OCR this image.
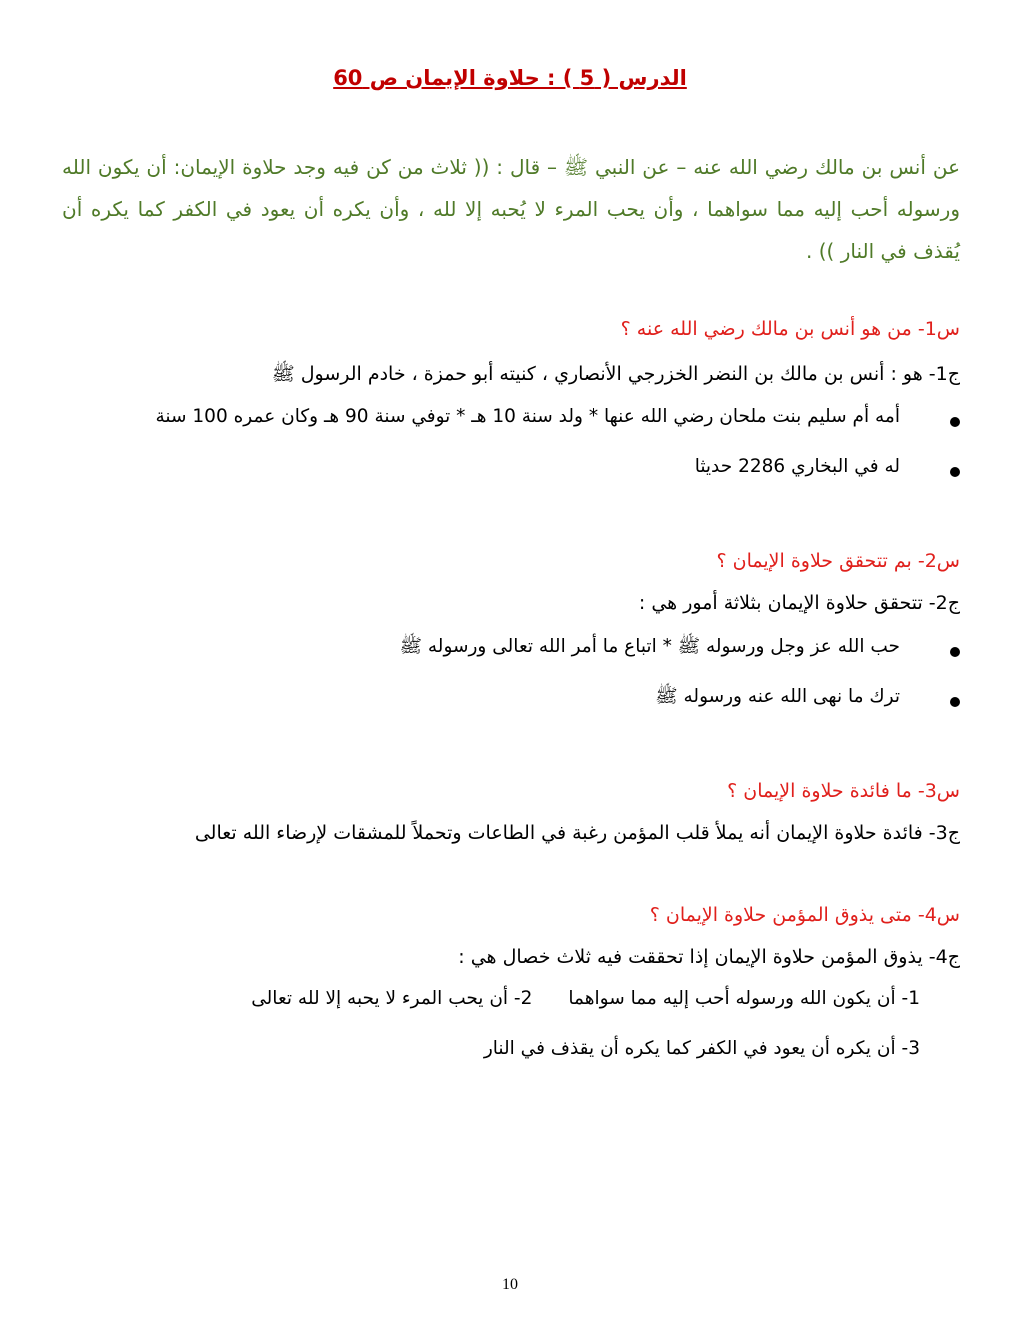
الدرس ( 5 ) : حلاوة الإيمان ص 60
عن أنس بن مالك رضي الله عنه – عن النبي ﷺ – قال : (( ثلاث من كن فيه وجد حلاوة الإيمان: أن يكون الله ورسوله أحب إليه مما سواهما ، وأن يحب المرء لا يُحبه إلا لله ، وأن يكره أن يعود في الكفر كما يكره أن يُقذف في النار )) .
س1- من هو أنس بن مالك رضي الله عنه ؟
ج1- هو : أنس بن مالك بن النضر الخزرجي الأنصاري ، كنيته أبو حمزة ، خادم الرسول ﷺ
أمه أم سليم بنت ملحان رضي الله عنها * ولد سنة 10 هـ * توفي سنة 90 هـ وكان عمره 100 سنة
له في البخاري 2286 حديثا
س2- بم تتحقق حلاوة الإيمان ؟
ج2- تتحقق حلاوة الإيمان بثلاثة أمور هي :
حب الله عز وجل ورسوله ﷺ * اتباع ما أمر الله تعالى ورسوله ﷺ
ترك ما نهى الله عنه ورسوله ﷺ
س3- ما فائدة حلاوة الإيمان ؟
ج3- فائدة حلاوة الإيمان أنه يملأ قلب المؤمن رغبة في الطاعات وتحملاً للمشقات لإرضاء الله تعالى
س4- متى يذوق المؤمن حلاوة الإيمان ؟
ج4- يذوق المؤمن حلاوة الإيمان إذا تحققت فيه ثلاث خصال هي :
1- أن يكون الله ورسوله أحب إليه مما سواهما2- أن يحب المرء لا يحبه إلا لله تعالى
3- أن يكره أن يعود في الكفر كما يكره أن يقذف في النار
10
